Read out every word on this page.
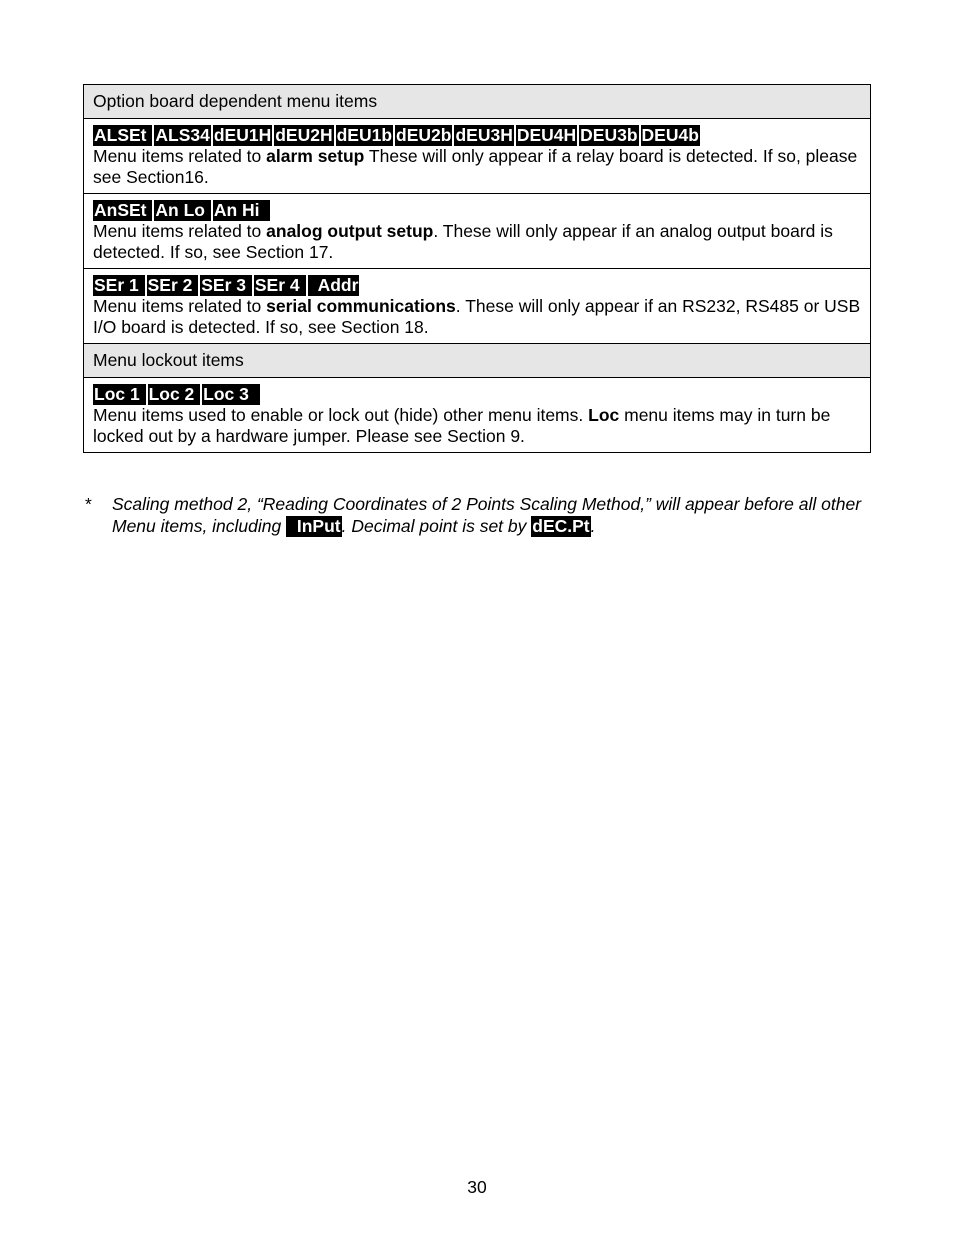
Option board dependent menu items

ALSEt ALS34 dEU1H dEU2H dEU1b dEU2b dEU3H DEU4H DEU3b DEU4b
Menu items related to alarm setup These will only appear if a relay board is detected. If so, please see Section16.

AnSEt An Lo An Hi
Menu items related to analog output setup. These will only appear if an analog output board is detected. If so, see Section 17.

SEr 1 SEr 2 SEr 3 SEr 4   Addr
Menu items related to serial communications. These will only appear if an RS232, RS485 or USB I/O board is detected. If so, see Section 18.

Menu lockout items

Loc 1 Loc 2 Loc 3
Menu items used to enable or lock out (hide) other menu items. Loc menu items may in turn be locked out by a hardware jumper. Please see Section 9.
* Scaling method 2, “Reading Coordinates of 2 Points Scaling Method,” will appear before all other Menu items, including   InPut. Decimal point is set by dEC.Pt.
30
